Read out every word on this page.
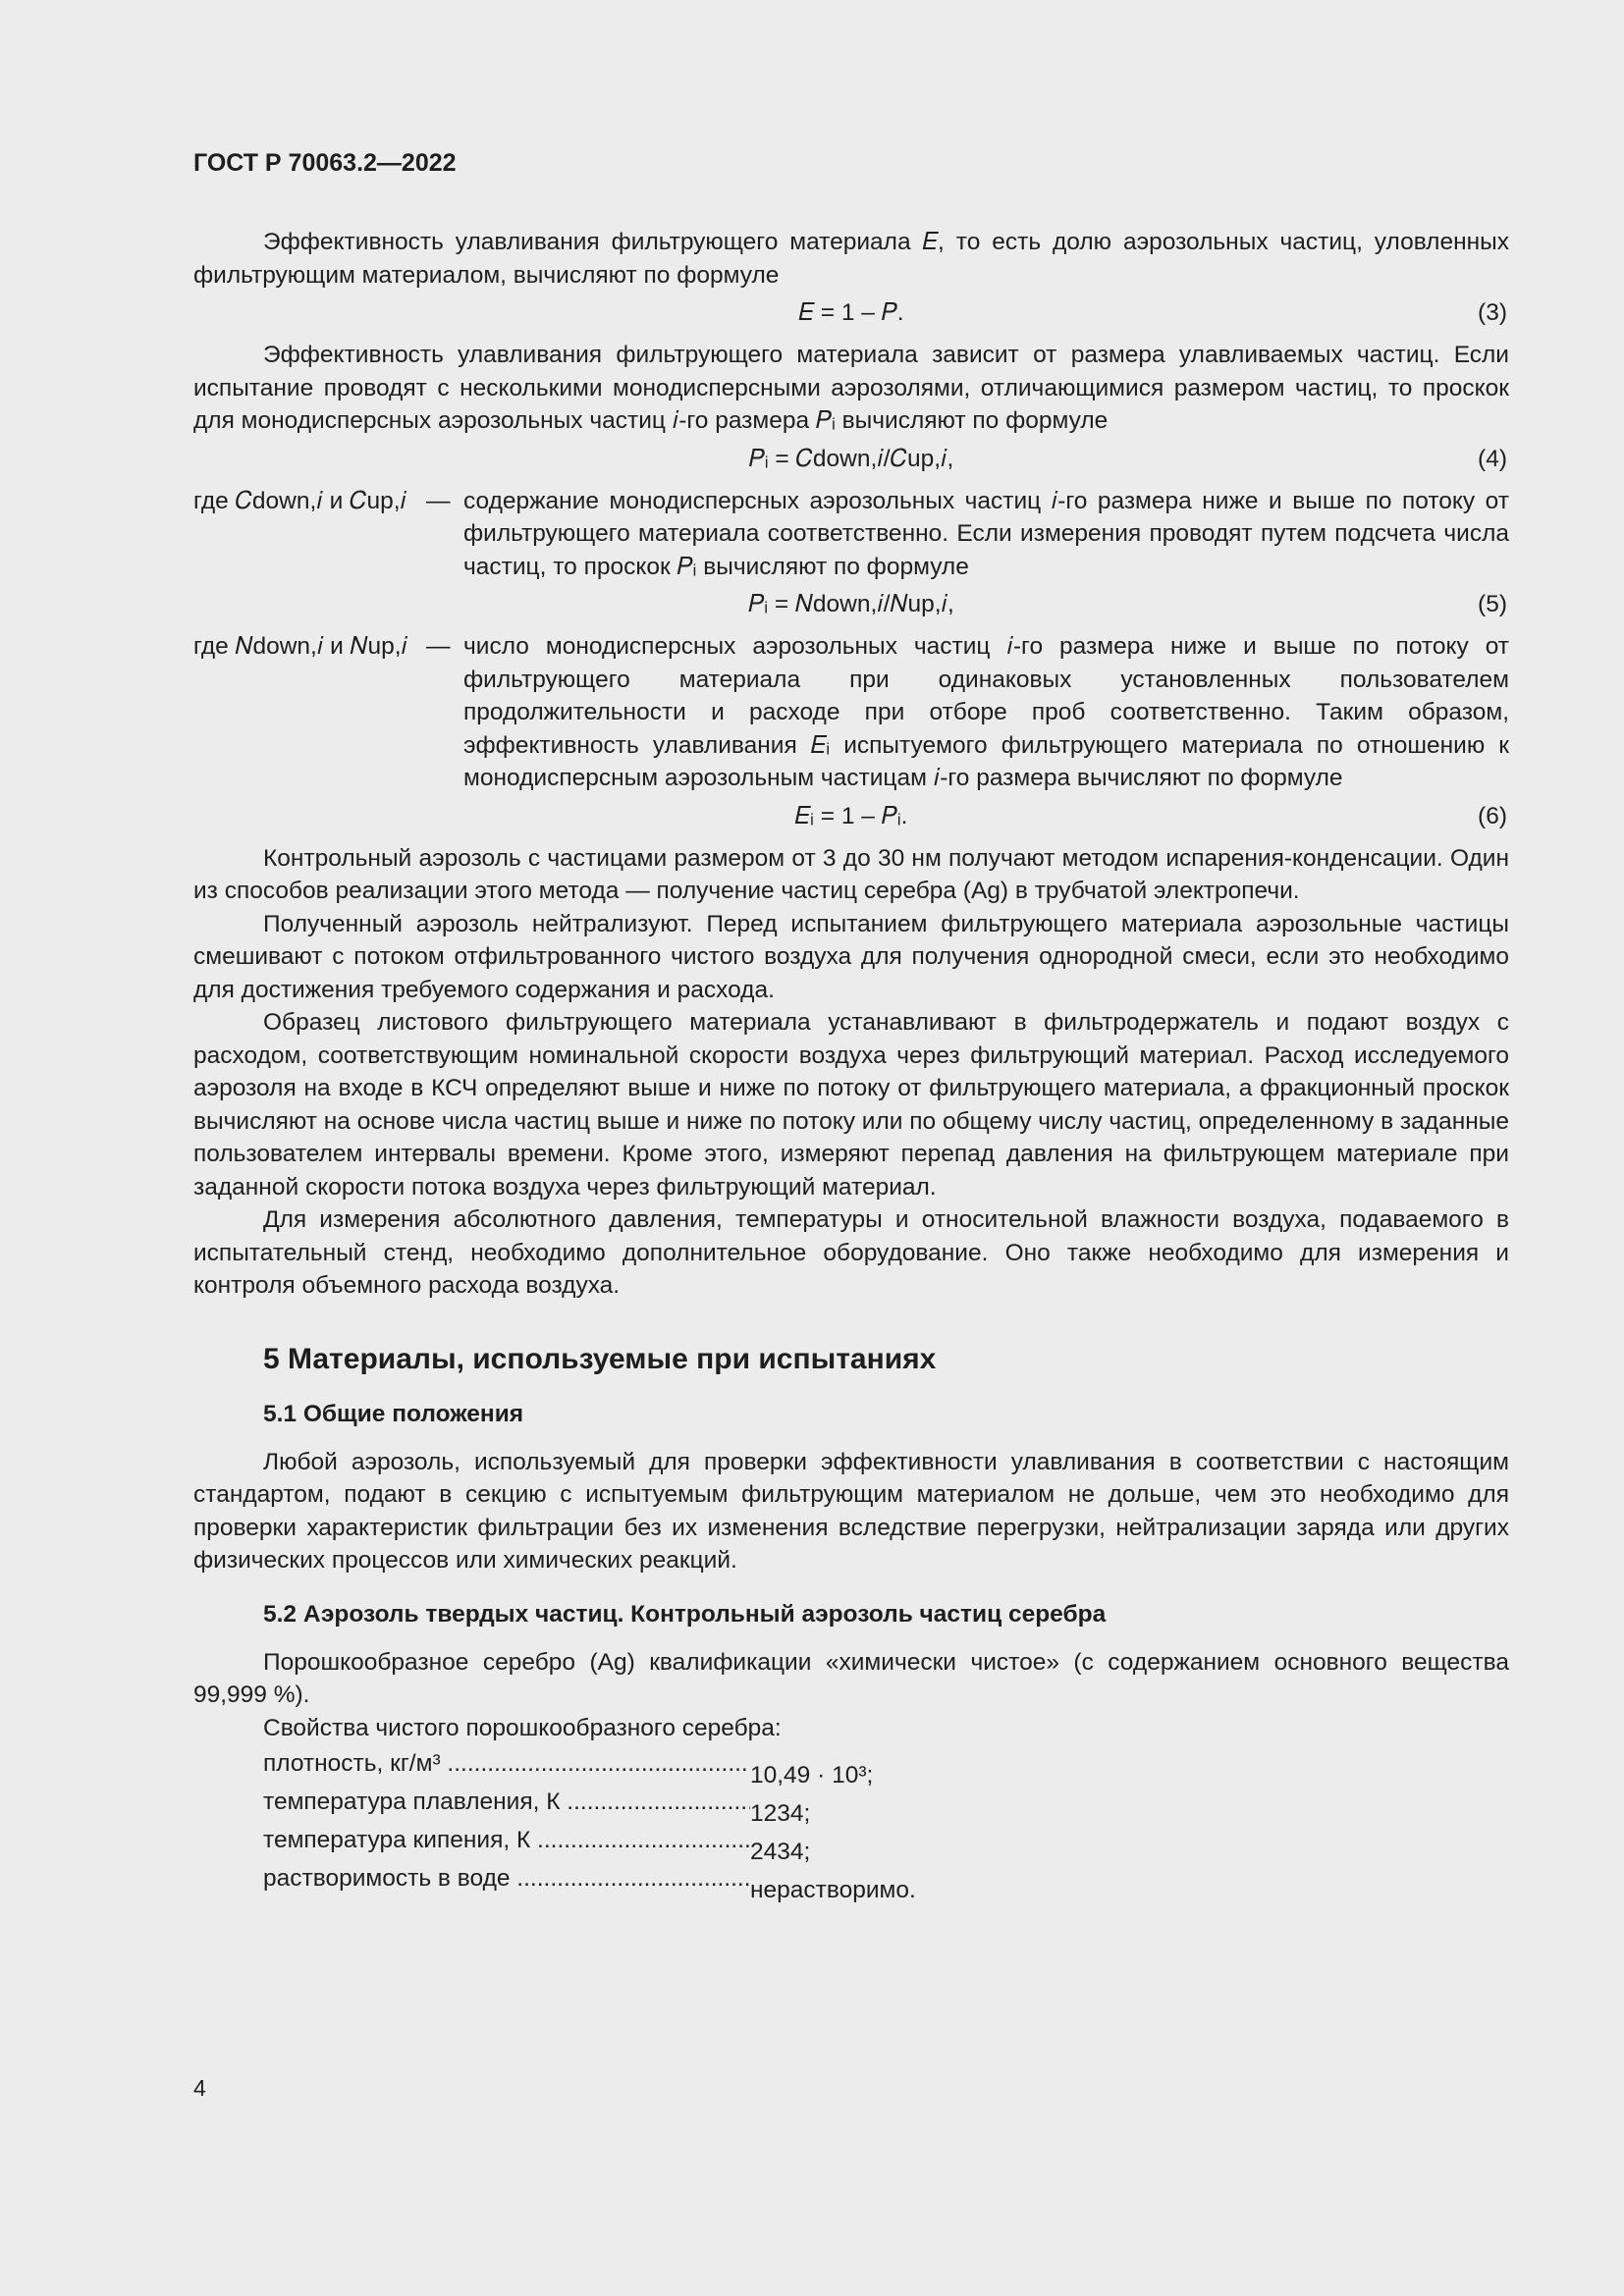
ГОСТ Р 70063.2—2022

Эффективность улавливания фильтрующего материала 𝐸, то есть долю аэрозольных частиц, уловленных фильтрующим материалом, вычисляют по формуле

𝐸 = 1 – 𝑃.	(3)

Эффективность улавливания фильтрующего материала зависит от размера улавливаемых частиц. Если испытание проводят с несколькими монодисперсными аэрозолями, отличающимися размером частиц, то проскок для монодисперсных аэрозольных частиц 𝑖-го размера 𝑃ᵢ вычисляют по формуле

𝑃ᵢ = 𝐶down,𝑖/𝐶up,𝑖,	(4)
где 𝐶down,𝑖 и 𝐶up,𝑖 — содержание монодисперсных аэрозольных частиц 𝑖-го размера ниже и выше по потоку от фильтрующего материала соответственно. Если измерения проводят путем подсчета числа частиц, то проскок 𝑃ᵢ вычисляют по формуле
𝑃ᵢ = 𝑁down,𝑖/𝑁up,𝑖,	(5)
где 𝑁down,𝑖 и 𝑁up,𝑖 — число монодисперсных аэрозольных частиц 𝑖-го размера ниже и выше по потоку от фильтрующего материала при одинаковых установленных пользователем продолжительности и расходе при отборе проб соответственно. Таким образом, эффективность улавливания 𝐸ᵢ испытуемого фильтрующего материала по отношению к монодисперсным аэрозольным частицам 𝑖-го размера вычисляют по формуле
𝐸ᵢ = 1 – 𝑃ᵢ.	(6)

Контрольный аэрозоль с частицами размером от 3 до 30 нм получают методом испарения-конденсации. Один из способов реализации этого метода — получение частиц серебра (Ag) в трубчатой электропечи.

Полученный аэрозоль нейтрализуют. Перед испытанием фильтрующего материала аэрозольные частицы смешивают с потоком отфильтрованного чистого воздуха для получения однородной смеси, если это необходимо для достижения требуемого содержания и расхода.

Образец листового фильтрующего материала устанавливают в фильтродержатель и подают воздух с расходом, соответствующим номинальной скорости воздуха через фильтрующий материал. Расход исследуемого аэрозоля на входе в КСЧ определяют выше и ниже по потоку от фильтрующего материала, а фракционный проскок вычисляют на основе числа частиц выше и ниже по потоку или по общему числу частиц, определенному в заданные пользователем интервалы времени. Кроме этого, измеряют перепад давления на фильтрующем материале при заданной скорости потока воздуха через фильтрующий материал.

Для измерения абсолютного давления, температуры и относительной влажности воздуха, подаваемого в испытательный стенд, необходимо дополнительное оборудование. Оно также необходимо для измерения и контроля объемного расхода воздуха.

5 Материалы, используемые при испытаниях
5.1 Общие положения

Любой аэрозоль, используемый для проверки эффективности улавливания в соответствии с настоящим стандартом, подают в секцию с испытуемым фильтрующим материалом не дольше, чем это необходимо для проверки характеристик фильтрации без их изменения вследствие перегрузки, нейтрализации заряда или других физических процессов или химических реакций.

5.2 Аэрозоль твердых частиц. Контрольный аэрозоль частиц серебра

Порошкообразное серебро (Ag) квалификации «химически чистое» (с содержанием основного вещества 99,999 %).

Свойства чистого порошкообразного серебра:

плотность, кг/м³ .....	10,49 · 10³;
температура плавления, К .....	1234;
температура кипения, К .....	2434;
растворимость в воде .....	нерастворимо.
4
